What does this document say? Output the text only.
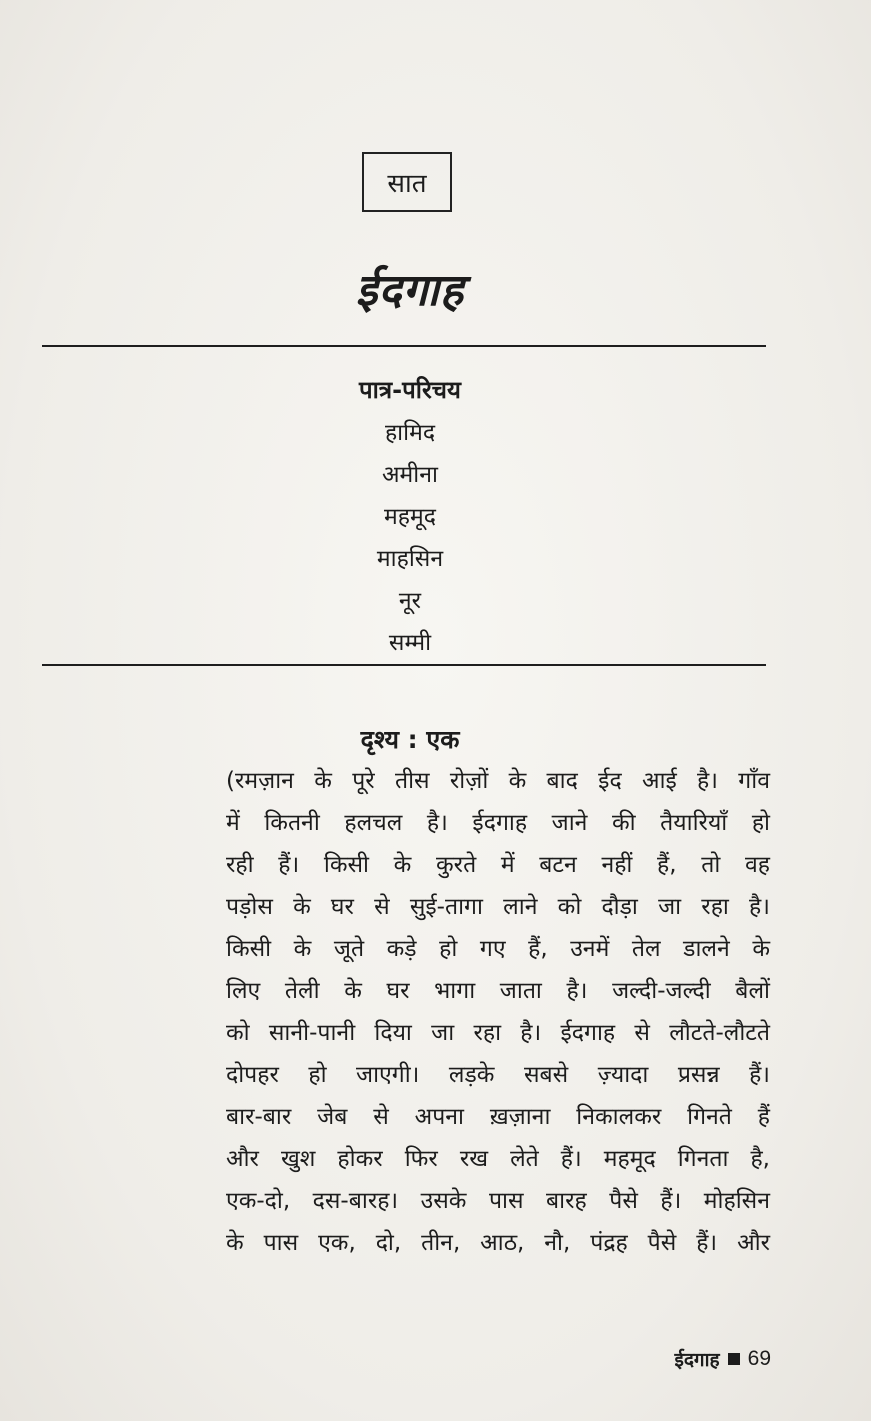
सात
ईदगाह
पात्र-परिचय
हामिद
अमीना
महमूद
माहसिन
नूर
सम्मी
दृश्य : एक
(रमज़ान के पूरे तीस रोज़ों के बाद ईद आई है। गाँव
में कितनी हलचल है। ईदगाह जाने की तैयारियाँ हो
रही हैं। किसी के कुरते में बटन नहीं हैं, तो वह
पड़ोस के घर से सुई-तागा लाने को दौड़ा जा रहा है।
किसी के जूते कड़े हो गए हैं, उनमें तेल डालने के
लिए तेली के घर भागा जाता है। जल्दी-जल्दी बैलों
को सानी-पानी दिया जा रहा है। ईदगाह से लौटते-लौटते
दोपहर हो जाएगी। लड़के सबसे ज़्यादा प्रसन्न हैं।
बार-बार जेब से अपना ख़ज़ाना निकालकर गिनते हैं
और खुश होकर फिर रख लेते हैं। महमूद गिनता है,
एक-दो, दस-बारह। उसके पास बारह पैसे हैं। मोहसिन
के पास एक, दो, तीन, आठ, नौ, पंद्रह पैसे हैं। और
ईदगाह 69
